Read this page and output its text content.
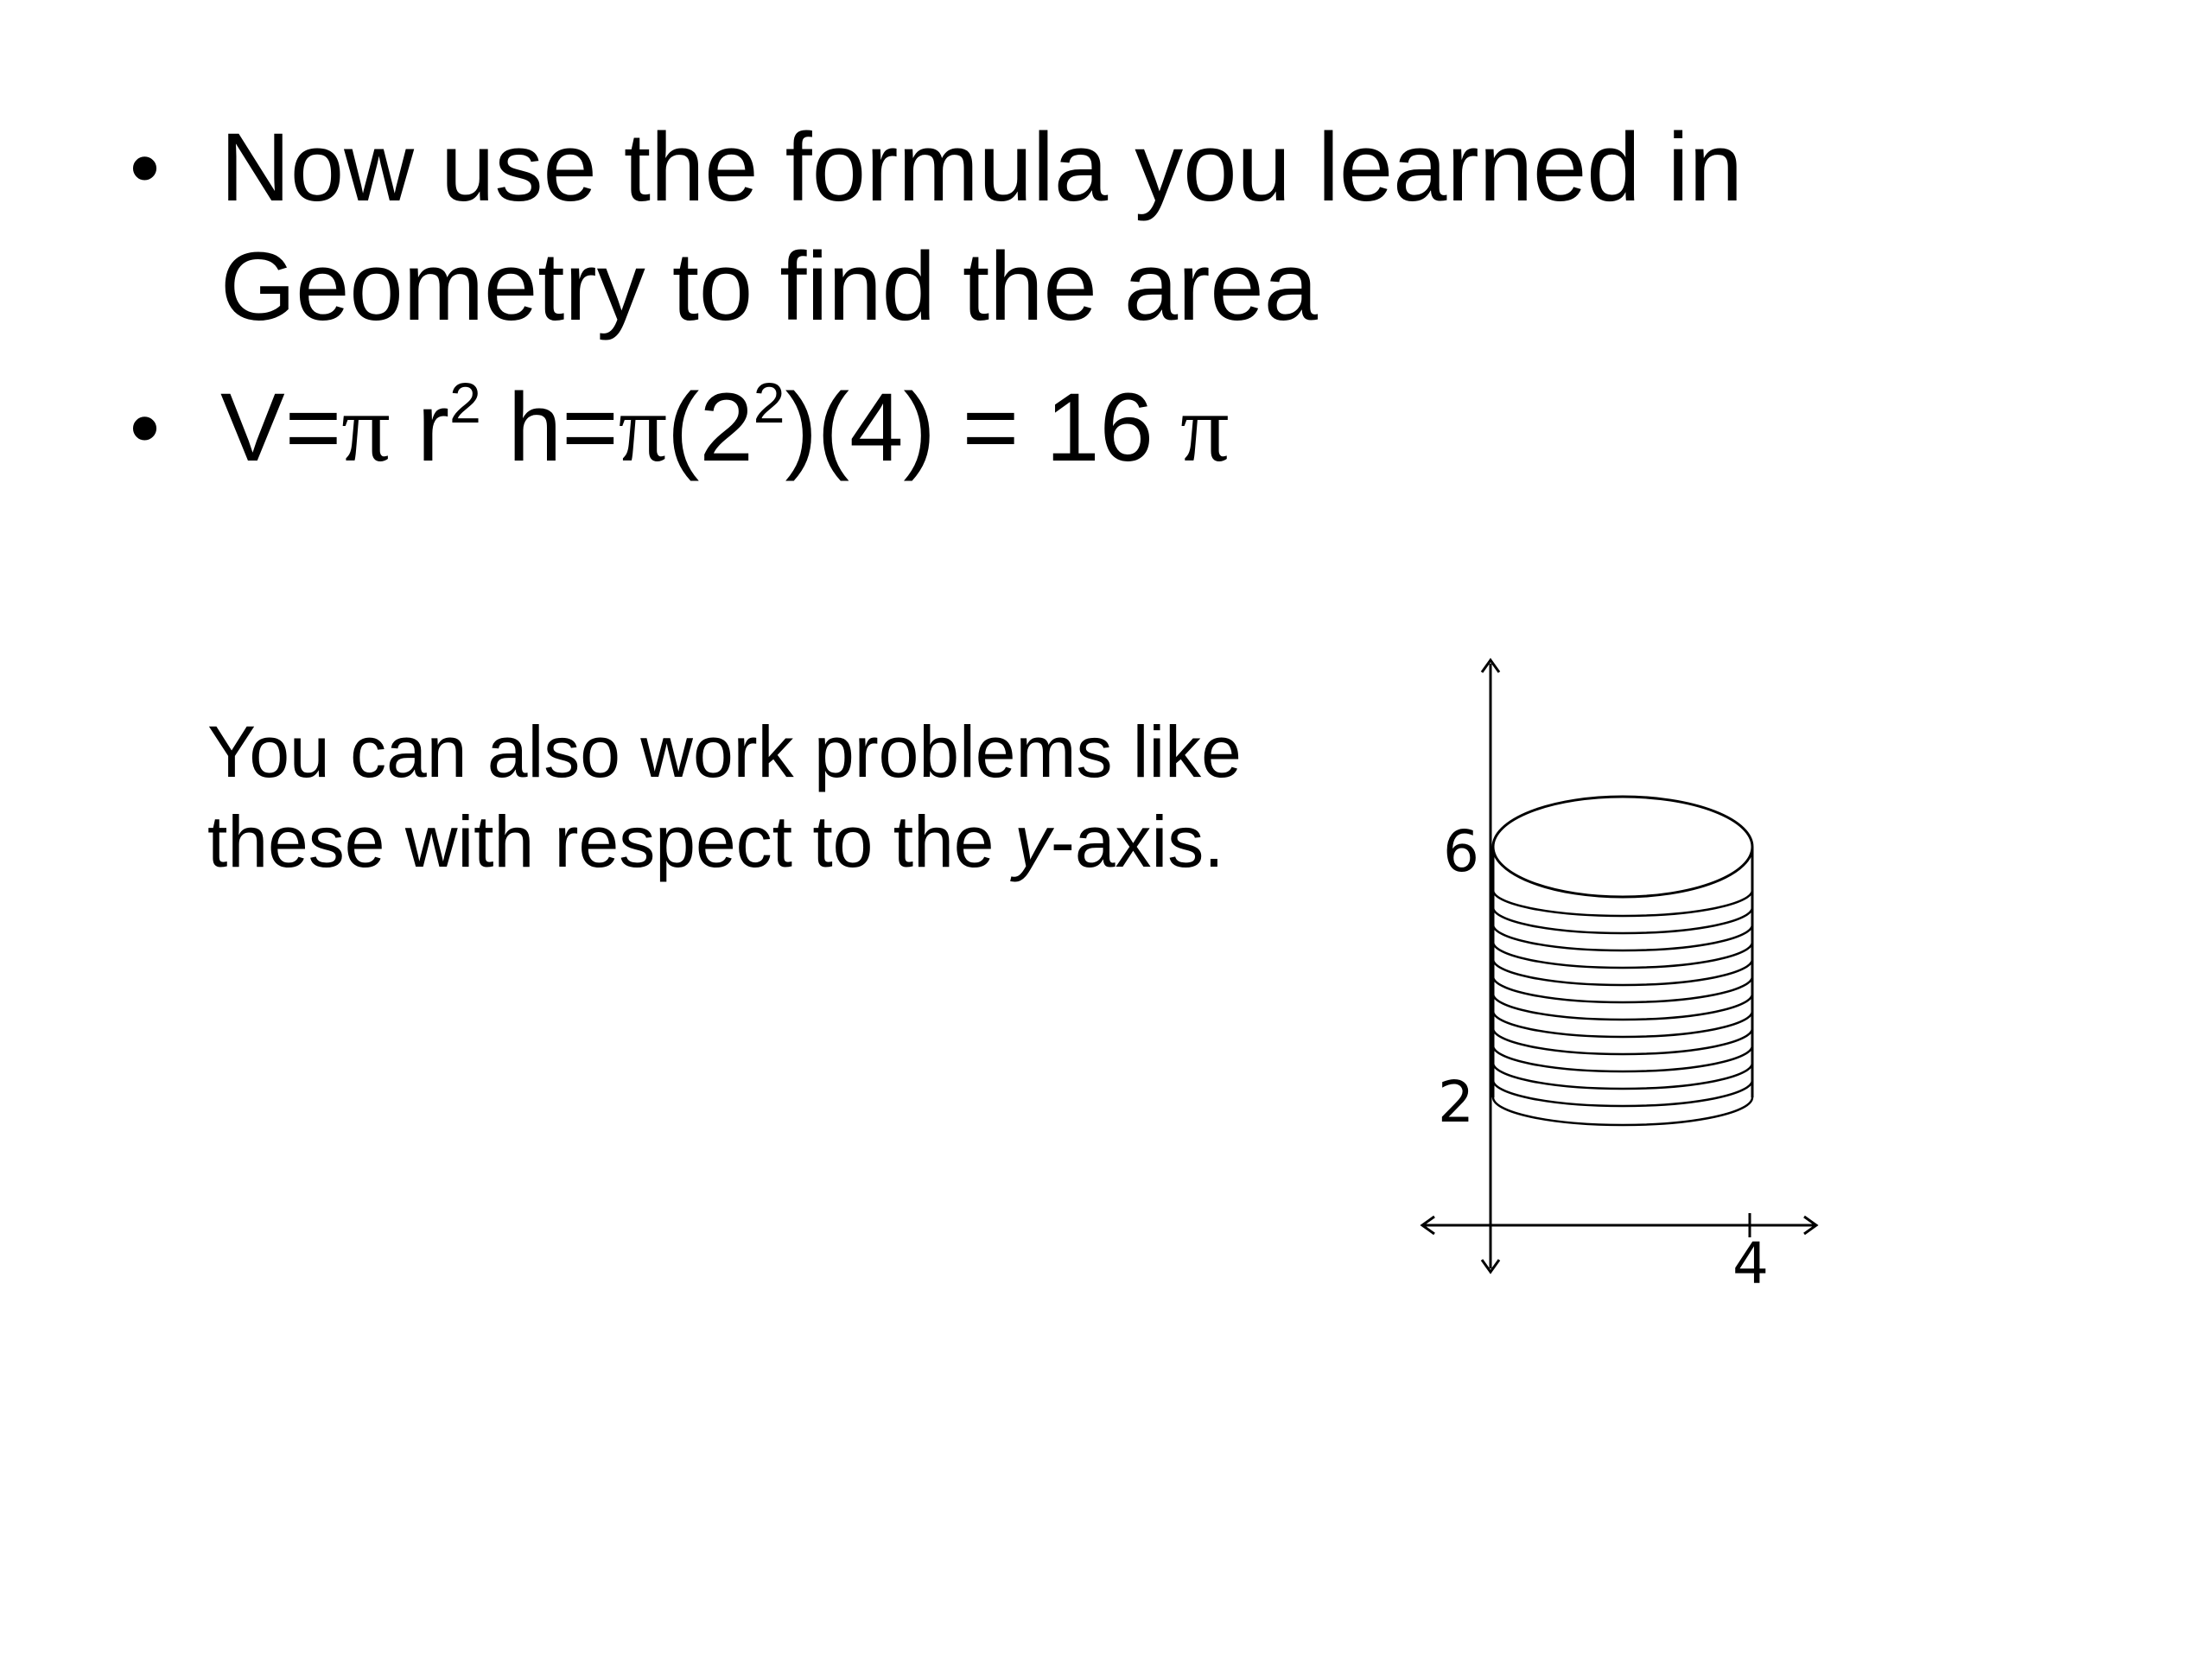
• Now use the formula you learned in
Geometry to find the area
• V=π $r^2$ $h=\pi(2^2)(4) = 16$ π
You can also work problems like
these with respect to the y-axis.	6
2
4
